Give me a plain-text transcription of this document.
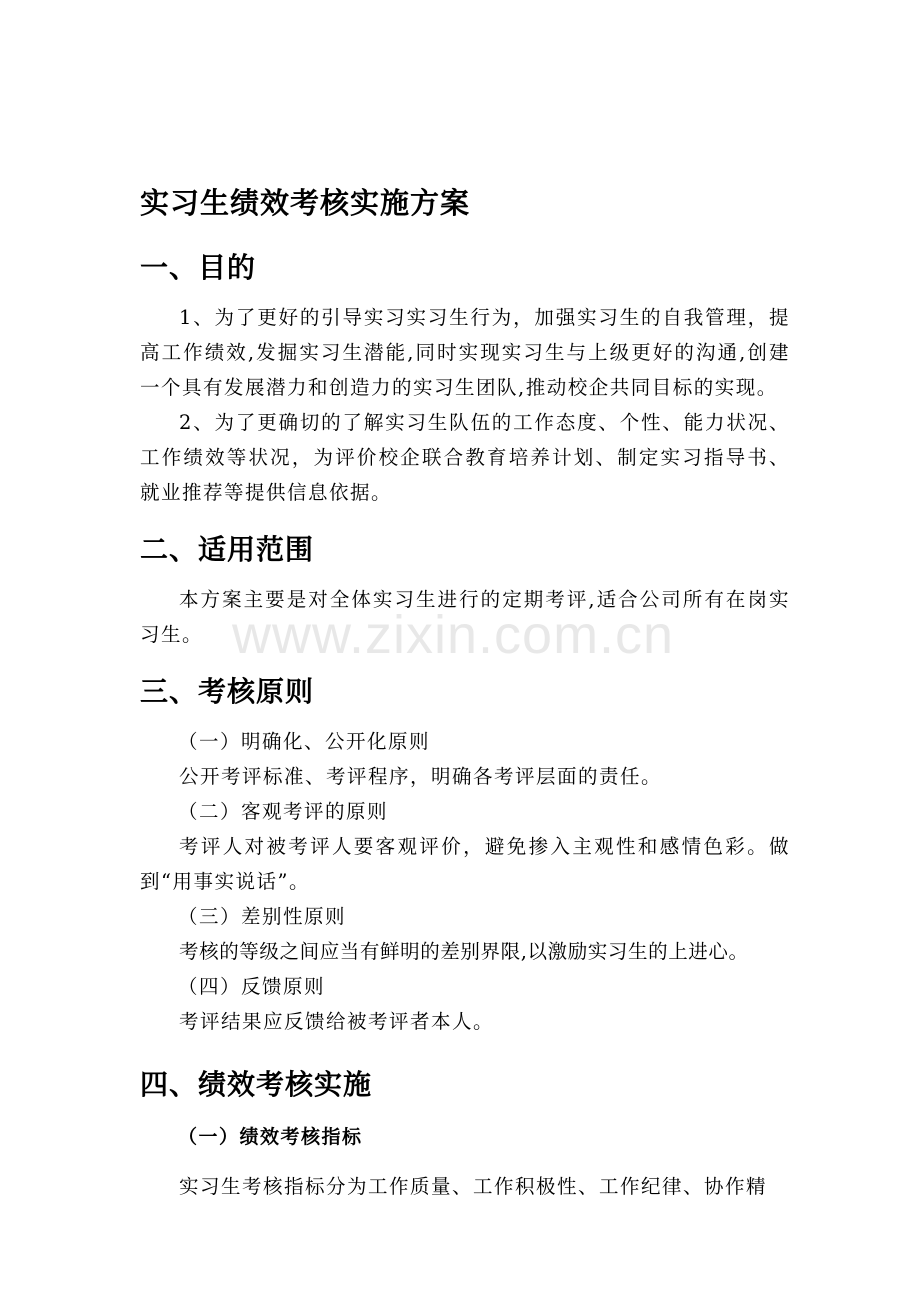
www.zixin.com.cn
实习生绩效考核实施方案
一、目的

1、为了更好的引导实习实习生行为，加强实习生的自我管理，提高工作绩效,发掘实习生潜能,同时实现实习生与上级更好的沟通,创建一个具有发展潜力和创造力的实习生团队,推动校企共同目标的实现。

2、为了更确切的了解实习生队伍的工作态度、个性、能力状况、工作绩效等状况，为评价校企联合教育培养计划、制定实习指导书、就业推荐等提供信息依据。

二、适用范围

本方案主要是对全体实习生进行的定期考评,适合公司所有在岗实习生。

三、考核原则
（一）明确化、公开化原则

公开考评标准、考评程序，明确各考评层面的责任。

（二）客观考评的原则

考评人对被考评人要客观评价，避免掺入主观性和感情色彩。做到“用事实说话”。

（三）差别性原则

考核的等级之间应当有鲜明的差别界限,以激励实习生的上进心。

（四）反馈原则

考评结果应反馈给被考评者本人。

四、绩效考核实施
（一）绩效考核指标

实习生考核指标分为工作质量、工作积极性、工作纪律、协作精
